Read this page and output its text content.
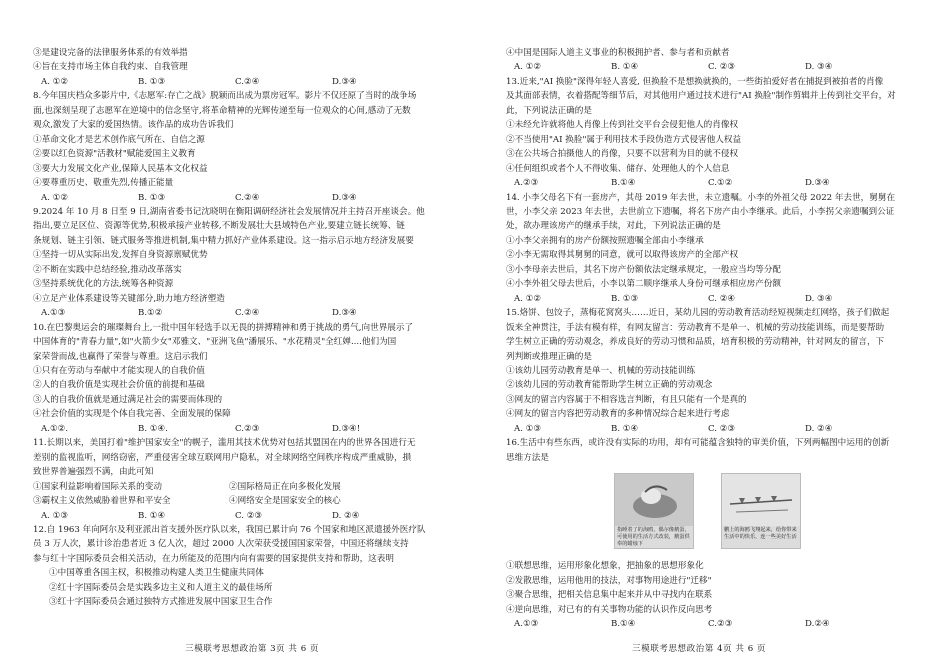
③是建设完备的法律服务体系的有效举措
④旨在支持市场主体自我约束、自我管理
A. ①②	B. ①③	C.②④	D.③④
8.今年国庆档众多影片中,《志愿军:存亡之战》脱颖而出成为票房冠军。影片不仅还原了当时的战争场
面,也深刻呈现了志愿军在逆境中的信念坚守,将革命精神的光辉传递至每一位观众的心间,感动了无数
观众,激发了大家的爱国热情。该作品的成功告诉我们
①革命文化才是艺术创作底气所在、自信之源
②要以红色资源"活教材"赋能爱国主义教育
③要大力发展文化产业,保障人民基本文化权益
④要尊重历史、敬重先烈,传播正能量
A. ①②	B. ①③	C.②④	D.③④
9.2024 年 10 月 8 日至 9 日,湖南省委书记沈晓明在衡阳调研经济社会发展情况并主持召开座谈会。他
指出,要立足区位、资源等优势,积极承接产业转移,不断发展壮大县域特色产业,要建立链长统筹、链
条规划、链主引领、链式服务等推进机制,集中精力抓好产业体系建设。这一指示启示地方经济发展要
①坚持一切从实际出发,发挥自身资源禀赋优势
②不断在实践中总结经验,推动改革落实
③坚持系统优化的方法,统筹各种资源
④立足产业体系建设等关键部分,助力地方经济塑造
A.①③	B.①②	C.②④	D.③④
10.在巴黎奥运会的璀璨舞台上,一批中国年轻选手以无畏的拼搏精神和勇于挑战的勇气,向世界展示了
中国体育的"青春力量",如"火箭少女"邓雅文、"亚洲飞鱼"潘展乐、"水花精灵"全红婵....他们为国
家荣誉而战,也赢得了荣誉与尊重。这启示我们
①只有在劳动与奉献中才能实现人的自我价值
②人的自我价值是实现社会价值的前提和基础
③人的自我价值就是通过满足社会的需要而体现的
④社会价值的实现是个体自我完善、全面发展的保障
A.①②.	B. ①④.	C.②③	D.③④!
11.长期以来，美国打着"维护国家安全"的幌子，滥用其技术优势对包括其盟国在内的世界各国进行无
差别的监视监听，网络窃密，严重侵害全球互联网用户隐私，对全球网络空间秩序构成严重威胁，損
致世界普遍强烈不满，由此可知
①国家利益影响着国际关系的变动	②国际格局正在向多极化发展
③霸权主义依然威胁着世界和平安全	④网络安全是国家安全的核心
A. ①③	B. ①④	C. ②③	D. ②④
12.自 1963 年向阿尔及利亚派出首支援外医疗队以来，我国已累计向 76 个国家和地区派遣援外医疗队
员 3 万人次，累计诊治患者近 3 亿人次，超过 2000 人次荣获受援国国家荣誉，中国还将继续支持
参与红十字国际委员会相关活动，在力所能及的范围内向有需要的国家提供支持和帮助，这表明
①中国尊重各国主权，积极推动构建人类卫生健康共同体
②红十字国际委员会是实践多边主义和人道主义的最佳场所
③红十字国际委员会通过独特方式推进发展中国家卫生合作
④中国是国际人道主义事业的积极拥护者、参与者和贡献者
A. ①②	B. ①④	C. ②③	D. ③④
13.近来,"AI 换脸"深得年轻人喜爱, 但换脸不是想换就换的，一些街拍爱好者在捕捉到被拍者的肖像
及其面部表情，衣着搭配等细节后，对其他用户通过技术进行"AI 换脸"制作剪辑并上传到社交平台，对
此，下列说法正确的是
①未经允许就将他人肖像上传到社交平台会侵犯他人的肖像权
②不当使用"AI 换脸"属于利用技术手段伪造方式侵害他人权益
③在公共场合拍摄他人的肖像，只要不以营利为目的就不侵权
④任何组织或者个人不得收集、储存、处理他人的个人信息
A.②③	B.①④	C.①②	D.③④
14. 小李父母名下有一套房产，其母 2019 年去世，未立遗嘱。小李的外祖父母 2022 年去世，舅舅在
世，小李父亲 2023 年去世，去世前立下遗嘱，将名下房产由小李继承。此后，小李拐父亲遗嘱到公证
处，欲办理该房产的继承手续，对此，下列说法正确的是
①小李父亲拥有的房产份额按照遗嘱全部由小李继承
②小李无需取得其舅舅的同意，就可以取得该房产的全部产权
③小李母亲去世后，其名下房产份额依法定继承规定，一般应当均等分配
④小李外祖父母去世后，小李以第二顺序继承人身份可继承相应房产份额
A. ①②	B. ①③	C. ②④	D. ③④
15.烙饼、包饺子，蒸梅花窝窝头……近日，某幼儿园的劳动教育活动经短视频走红网络，孩子们做起
饭来全神贯注，手法有模有样，有网友留言：劳动教育不是单一、机械的劳动技能训练，而是要帮助
学生树立正确的劳动观念，养成良好的劳动习惯和品质，培育积极的劳动精神，针对网友的留言，下
列判断或推理正确的是
①该幼儿园劳动教育是单一、机械的劳动技能训练
②该幼儿园的劳动教育能帮助学生树立正确的劳动观念
③网友的留言内容属于不相容选言判断，有且只能有一个是真的
④网友的留言内容把劳动教育的多种情况综合起来进行考虑
A. ①③	B. ①④	C. ②③	D. ②④
16.生活中有些东西，或许没有实际的功用，却有可能蕴含独特的审美价值，下列两幅图中运用的创新
思维方法是
指睡着了的海鸥，偶尔像鹅蛋，可使用的生活方式改装，鹅蛋供奉的蜡烛下
鹏上的海鸥飞翔起来，给你带来生活中的快乐，连一些美好生活
①联想思维，运用形象化想象，把抽象的思想形象化
②发散思维，运用他用的技法，对事物用途进行"迁移"
③聚合思维，把相关信息集中起来并从中寻找内在联系
④逆向思维，对已有的有关事物功能的认识作反向思考
A.①③	B.①④	C.②③	D.②④
三模联考思想政治第 3页 共 6 页	三模联考思想政治第 4页 共 6 页
